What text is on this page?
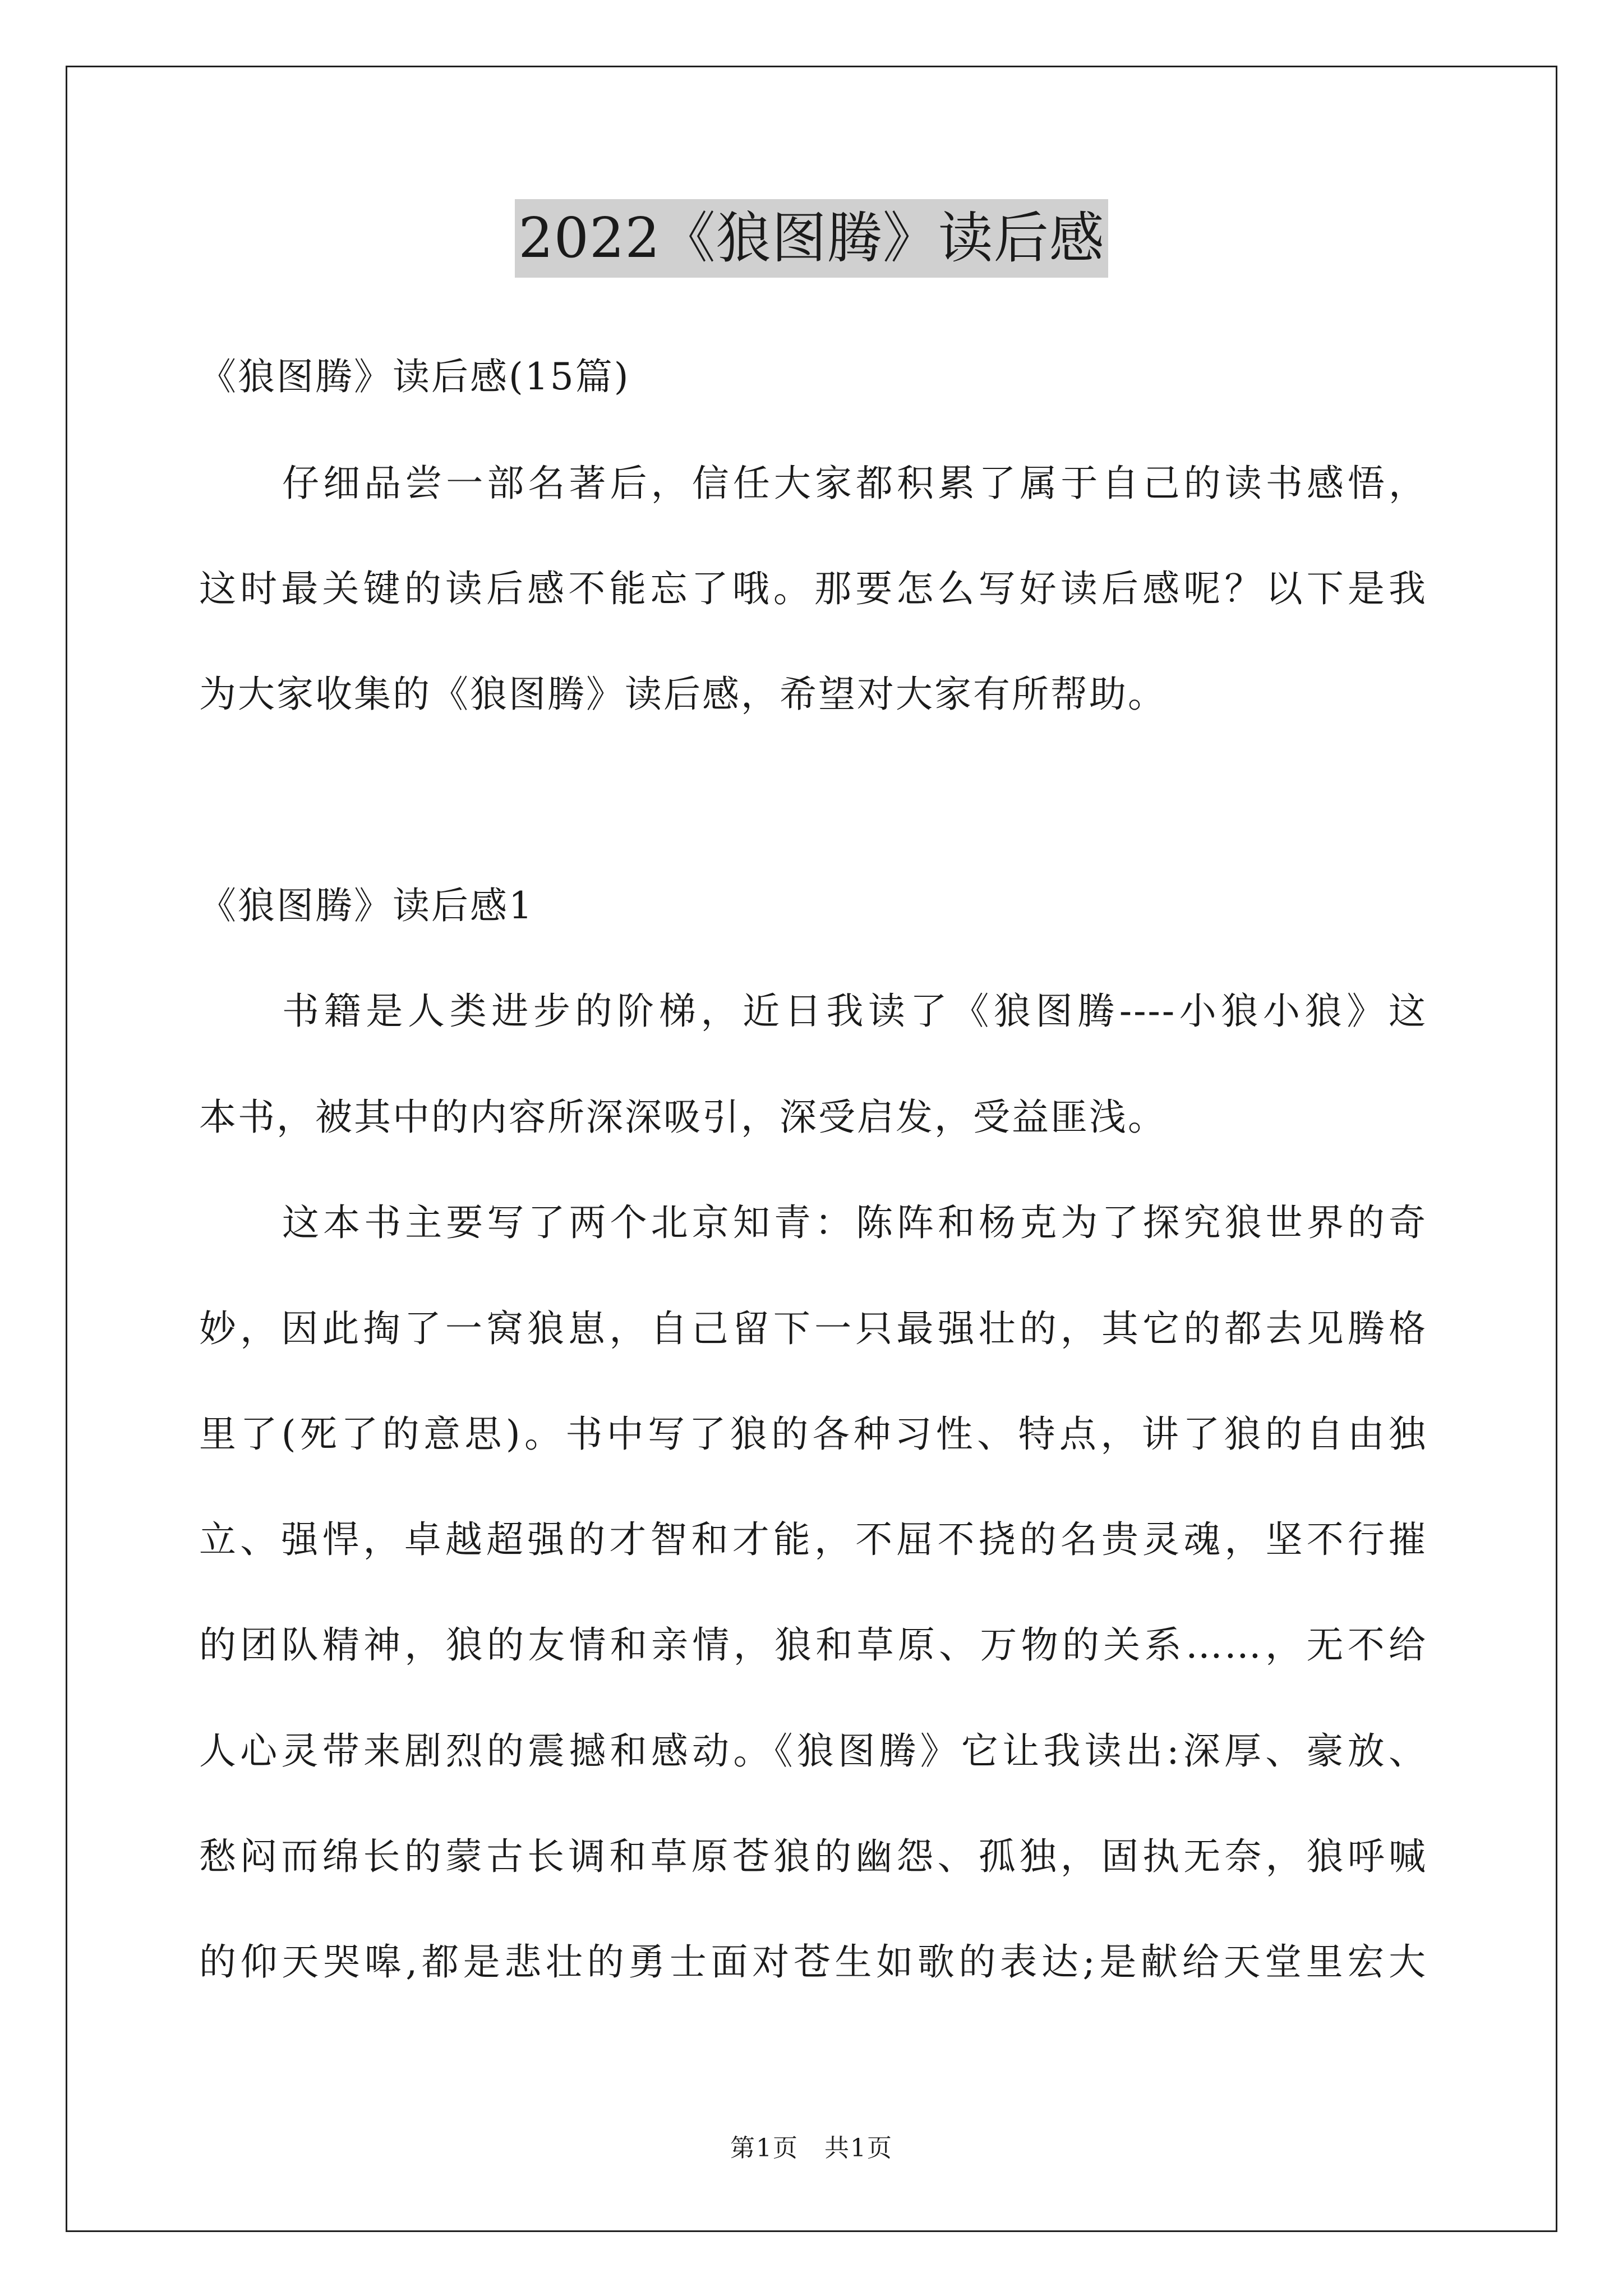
2022《狼图腾》读后感
《狼图腾》读后感(15篇)
仔细品尝一部名著后，信任大家都积累了属于自己的读书感悟，
这时最关键的读后感不能忘了哦。那要怎么写好读后感呢？以下是我
为大家收集的《狼图腾》读后感，希望对大家有所帮助。
《狼图腾》读后感1
书籍是人类进步的阶梯，近日我读了《狼图腾----小狼小狼》这
本书，被其中的内容所深深吸引，深受启发，受益匪浅。
这本书主要写了两个北京知青：陈阵和杨克为了探究狼世界的奇
妙，因此掏了一窝狼崽，自己留下一只最强壮的，其它的都去见腾格
里了(死了的意思)。书中写了狼的各种习性、特点，讲了狼的自由独
立、强悍，卓越超强的才智和才能，不屈不挠的名贵灵魂，坚不行摧
的团队精神，狼的友情和亲情，狼和草原、万物的关系……，无不给
人心灵带来剧烈的震撼和感动。《狼图腾》它让我读出:深厚、豪放、
愁闷而绵长的蒙古长调和草原苍狼的幽怨、孤独，固执无奈，狼呼喊
的仰天哭嗥,都是悲壮的勇士面对苍生如歌的表达;是献给天堂里宏大
第1页　共1页
